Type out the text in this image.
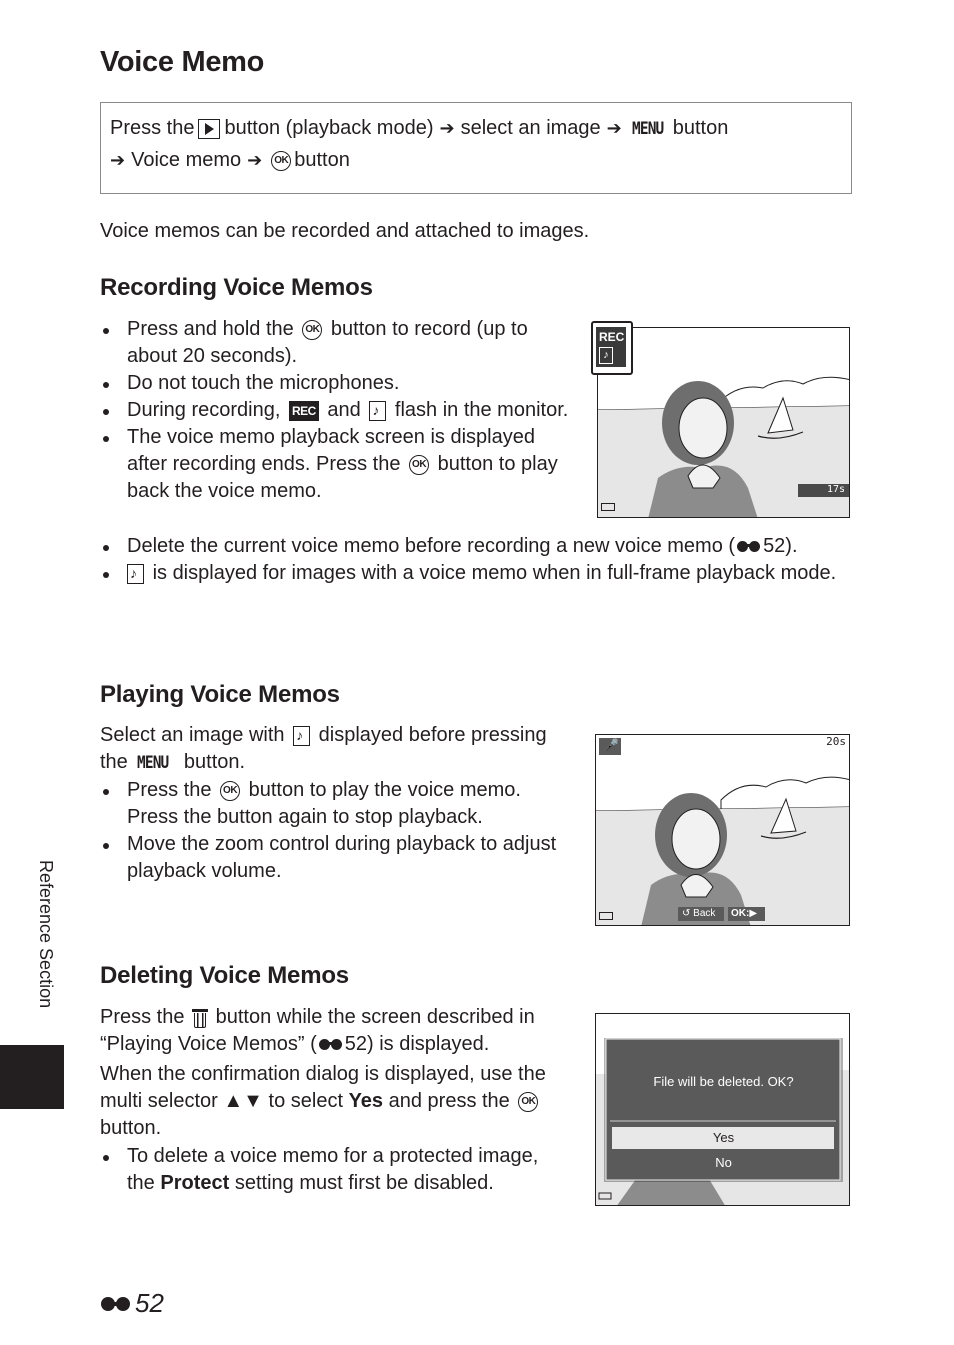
Voice Memo
Press the button (playback mode) ➔ select an image ➔ MENU button
➔ Voice memo ➔	OK button
Voice memos can be recorded and attached to images.
Recording Voice Memos
Press and hold the OK button to record (up to about 20 seconds).
Do not touch the microphones.
During recording, REC and ♪ flash in the monitor.
The voice memo playback screen is displayed after recording ends. Press the OK button to play back the voice memo.
Delete the current voice memo before recording a new voice memo ( 52).
♪ is displayed for images with a voice memo when in full-frame playback mode.
17s
REC
♪
Playing Voice Memos
Select an image with ♪ displayed before pressing the MENU button.
Press the OK button to play the voice memo. Press the button again to stop playback.
Move the zoom control during playback to adjust playback volume.
🎤	20s
↺ Back OK:▶
Deleting Voice Memos
Press the button while the screen described in “Playing Voice Memos” ( 52) is displayed.
When the confirmation dialog is displayed, use the multi selector ▲▼ to select Yes and press the OK button.
To delete a voice memo for a protected image, the Protect setting must first be disabled.
File will be deleted. OK?
Yes
No
Reference Section
52
